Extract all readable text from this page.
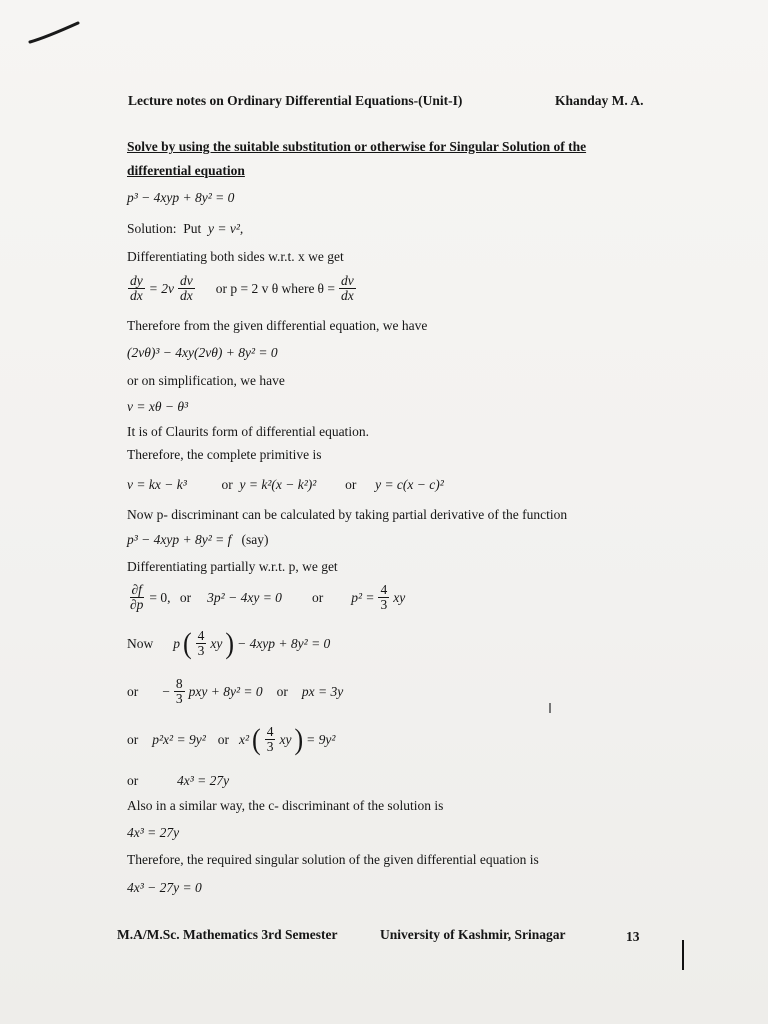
Lecture notes on Ordinary Differential Equations-(Unit-I)	Khanday M. A.
Solve by using the suitable substitution or otherwise for Singular Solution of the
differential equation
p³ − 4xyp + 8y² = 0
Solution: Put y = v²,
Differentiating both sides w.r.t. x we get
$\frac{dy}{dx} = 2v \frac{dv}{dx}$ or p = 2 v θ where $\theta = \frac{dv}{dx}$
Therefore from the given differential equation, we have
(2vθ)³ − 4xy(2vθ) + 8y² = 0
or on simplification, we have
v = xθ − θ³
It is of Claurits form of differential equation.
Therefore, the complete primitive is
v = kx − k³	or y = k²(x − k²)² or y = c(x − c)²
Now p- discriminant can be calculated by taking partial derivative of the function
p³ − 4xyp + 8y² = f (say)
Differentiating partially w.r.t. p, we get
$\frac{\partial f}{\partial p} = 0$,
or 3p² − 4xy = 0 or $p^2 = \frac{4}{3}$ xy
Now p ( $\frac{4}{3}$ xy ) − 4xyp + 8y² = 0
or − $\frac{8}{3}$ pxy + 8y² = 0 or px = 3y
or p²x² = 9y² or x² ( $\frac{4}{3}$ xy ) = 9y²
or	4x³ = 27y
Also in a similar way, the c- discriminant of the solution is
4x³ = 27y
Therefore, the required singular solution of the given differential equation is
4x³ − 27y = 0
M.A/M.Sc. Mathematics 3rd Semester	University of Kashmir, Srinagar	13
